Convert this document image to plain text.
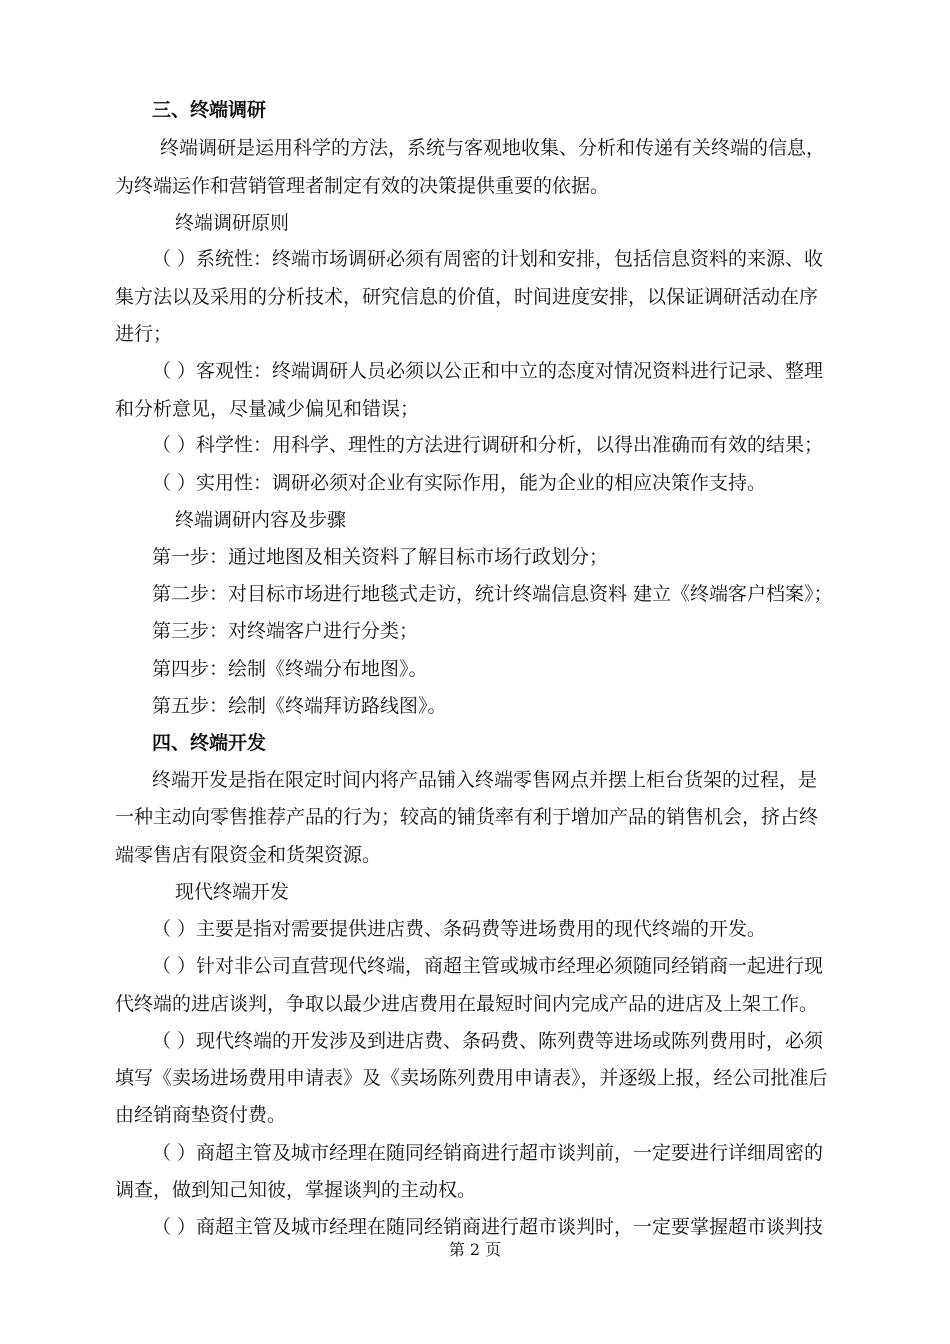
三、终端调研
终端调研是运用科学的方法，系统与客观地收集、分析和传递有关终端的信息，
为终端运作和营销管理者制定有效的决策提供重要的依据。
终端调研原则
（ ）系统性：终端市场调研必须有周密的计划和安排，包括信息资料的来源、收
集方法以及采用的分析技术，研究信息的价值，时间进度安排，以保证调研活动在序
进行；
（ ）客观性：终端调研人员必须以公正和中立的态度对情况资料进行记录、整理
和分析意见，尽量减少偏见和错误；
（ ）科学性：用科学、理性的方法进行调研和分析，以得出准确而有效的结果；
（ ）实用性：调研必须对企业有实际作用，能为企业的相应决策作支持。
终端调研内容及步骤
第一步：通过地图及相关资料了解目标市场行政划分；
第二步：对目标市场进行地毯式走访，统计终端信息资料 建立《终端客户档案》；
第三步：对终端客户进行分类；
第四步：绘制《终端分布地图》。
第五步：绘制《终端拜访路线图》。
四、终端开发
终端开发是指在限定时间内将产品铺入终端零售网点并摆上柜台货架的过程，是
一种主动向零售推荐产品的行为；较高的铺货率有利于增加产品的销售机会，挤占终
端零售店有限资金和货架资源。
现代终端开发
（ ）主要是指对需要提供进店费、条码费等进场费用的现代终端的开发。
（ ）针对非公司直营现代终端，商超主管或城市经理必须随同经销商一起进行现
代终端的进店谈判，争取以最少进店费用在最短时间内完成产品的进店及上架工作。
（ ）现代终端的开发涉及到进店费、条码费、陈列费等进场或陈列费用时，必须
填写《卖场进场费用申请表》及《卖场陈列费用申请表》，并逐级上报，经公司批准后
由经销商垫资付费。
（ ）商超主管及城市经理在随同经销商进行超市谈判前，一定要进行详细周密的
调查，做到知己知彼，掌握谈判的主动权。
（ ）商超主管及城市经理在随同经销商进行超市谈判时，一定要掌握超市谈判技
第 2 页
